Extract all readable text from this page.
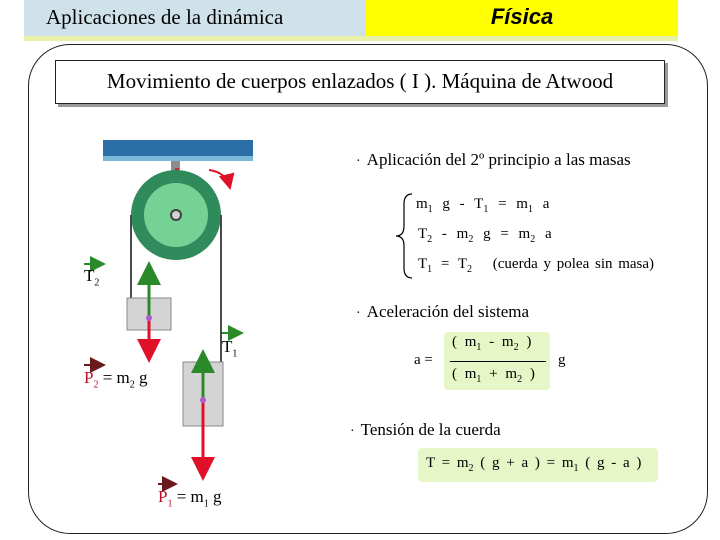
Aplicaciones de la dinámica	Física
Movimiento de cuerpos enlazados ( I ). Máquina de Atwood
$T_2$
$T_1$
$P_2 = m_2$ g
$P_1 = m_1$ g
· Aplicación del 2º principio a las masas
$m_1$ $g - T_1 = m_1$ a
$T_2 - m_2$ $g = m_2$ a
$T_1 = T_2$ (cuerda y polea sin masa)
· Aceleración del sistema
a =
( $m_1 - m_2$ )
( $m_1 + m_2$ )
g
· Tensión de la cuerda
$T = m_2$ ( g + a ) = $m_1$ ( g - a )
